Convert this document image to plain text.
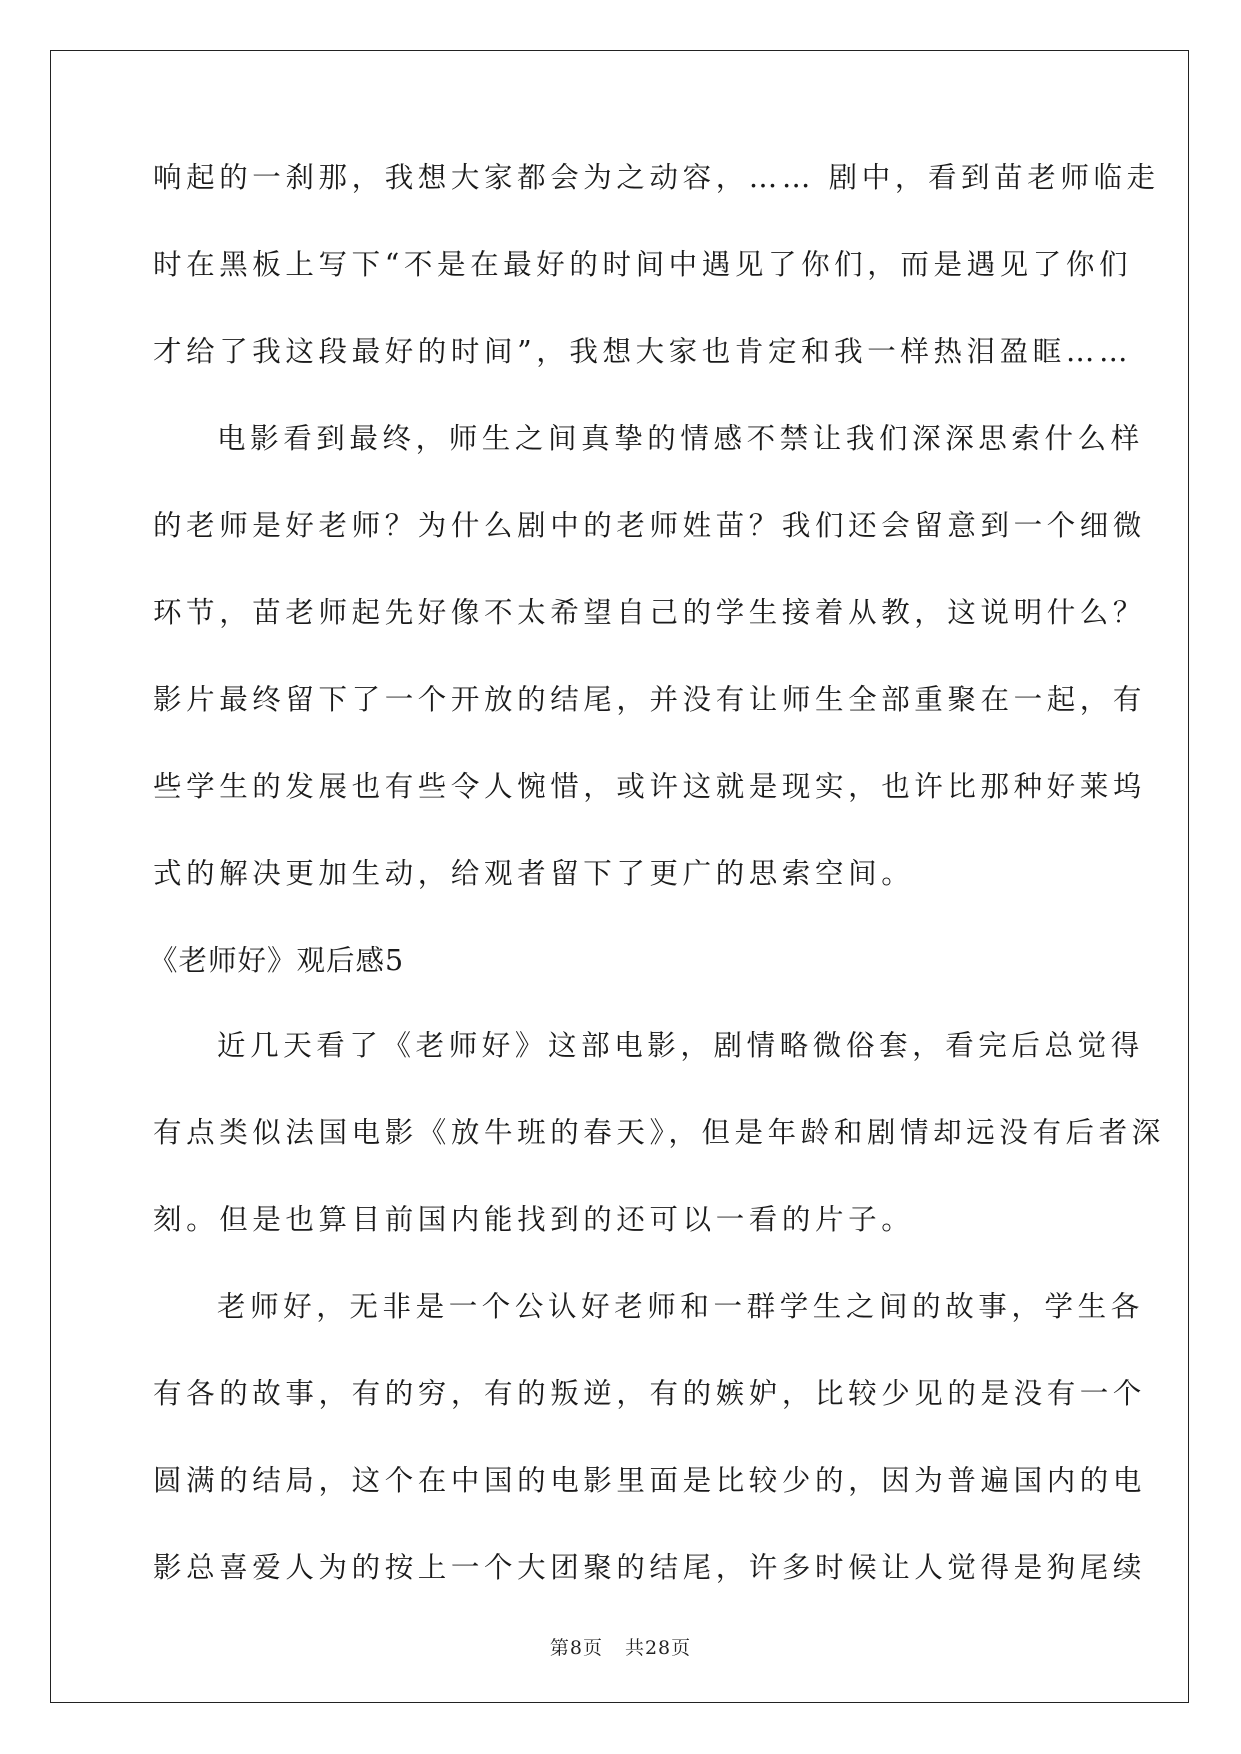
响起的一刹那，我想大家都会为之动容，…… 剧中，看到苗老师临走
时在黑板上写下“不是在最好的时间中遇见了你们，而是遇见了你们
才给了我这段最好的时间”，我想大家也肯定和我一样热泪盈眶……
电影看到最终，师生之间真挚的情感不禁让我们深深思索什么样
的老师是好老师？为什么剧中的老师姓苗？我们还会留意到一个细微
环节，苗老师起先好像不太希望自己的学生接着从教，这说明什么？
影片最终留下了一个开放的结尾，并没有让师生全部重聚在一起，有
些学生的发展也有些令人惋惜，或许这就是现实，也许比那种好莱坞
式的解决更加生动，给观者留下了更广的思索空间。
《老师好》观后感5
近几天看了《老师好》这部电影，剧情略微俗套，看完后总觉得
有点类似法国电影《放牛班的春天》，但是年龄和剧情却远没有后者深
刻。但是也算目前国内能找到的还可以一看的片子。
老师好，无非是一个公认好老师和一群学生之间的故事，学生各
有各的故事，有的穷，有的叛逆，有的嫉妒，比较少见的是没有一个
圆满的结局，这个在中国的电影里面是比较少的，因为普遍国内的电
影总喜爱人为的按上一个大团聚的结尾，许多时候让人觉得是狗尾续
第8页 共28页
